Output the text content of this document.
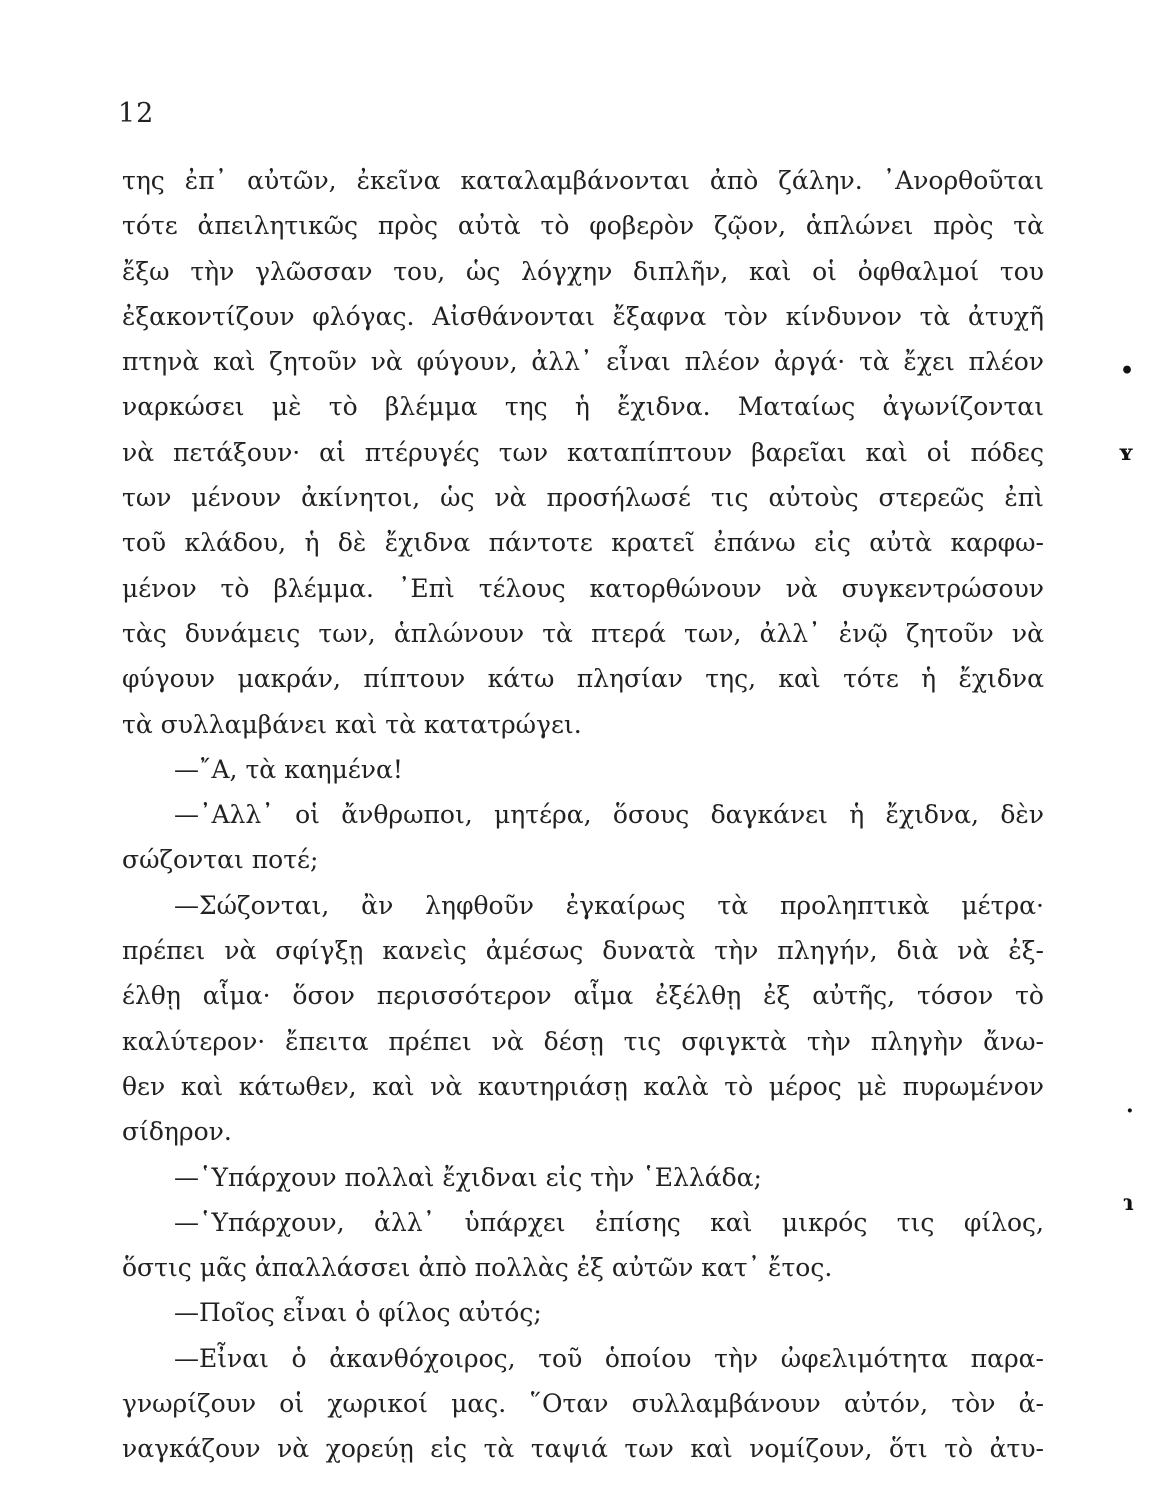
12
της ἐπ᾽ αὐτῶν, ἐκεῖνα καταλαμβάνονται ἀπὸ ζάλην. ᾽Ανορθοῦται
τότε ἀπειλητικῶς πρὸς αὐτὰ τὸ φοβερὸν ζῷον, ἁπλώνει πρὸς τὰ
ἔξω τὴν γλῶσσαν του, ὡς λόγχην διπλῆν, καὶ οἱ ὀφθαλμοί του
ἐξακοντίζουν φλόγας. Αἰσθάνονται ἔξαφνα τὸν κίνδυνον τὰ ἀτυχῆ
πτηνὰ καὶ ζητοῦν νὰ φύγουν, ἀλλ᾽ εἶναι πλέον ἀργά· τὰ ἔχει πλέον
ναρκώσει μὲ τὸ βλέμμα της ἡ ἔχιδνα. Ματαίως ἀγωνίζονται
νὰ πετάξουν· αἱ πτέρυγές των καταπίπτουν βαρεῖαι καὶ οἱ πόδες
των μένουν ἀκίνητοι, ὡς νὰ προσήλωσέ τις αὐτοὺς στερεῶς ἐπὶ
τοῦ κλάδου, ἡ δὲ ἔχιδνα πάντοτε κρατεῖ ἐπάνω εἰς αὐτὰ καρφω-
μένον τὸ βλέμμα. ᾽Επὶ τέλους κατορθώνουν νὰ συγκεντρώσουν
τὰς δυνάμεις των, ἁπλώνουν τὰ πτερά των, ἀλλ᾽ ἐνῷ ζητοῦν νὰ
φύγουν μακράν, πίπτουν κάτω πλησίαν της, καὶ τότε ἡ ἔχιδνα
τὰ συλλαμβάνει καὶ τὰ κατατρώγει.
—῎Α, τὰ καημένα!
—᾽Αλλ᾽ οἱ ἄνθρωποι, μητέρα, ὅσους δαγκάνει ἡ ἔχιδνα, δὲν
σώζονται ποτέ;
—Σώζονται, ἂν ληφθοῦν ἐγκαίρως τὰ προληπτικὰ μέτρα·
πρέπει νὰ σφίγξῃ κανεὶς ἀμέσως δυνατὰ τὴν πληγήν, διὰ νὰ ἐξ-
έλθῃ αἷμα· ὅσον περισσότερον αἷμα ἐξέλθῃ ἐξ αὐτῆς, τόσον τὸ
καλύτερον· ἔπειτα πρέπει νὰ δέσῃ τις σφιγκτὰ τὴν πληγὴν ἄνω-
θεν καὶ κάτωθεν, καὶ νὰ καυτηριάσῃ καλὰ τὸ μέρος μὲ πυρωμένον
σίδηρον.
—῾Υπάρχουν πολλαὶ ἔχιδναι εἰς τὴν ῾Ελλάδα;
—῾Υπάρχουν, ἀλλ᾽ ὑπάρχει ἐπίσης καὶ μικρός τις φίλος,
ὅστις μᾶς ἀπαλλάσσει ἀπὸ πολλὰς ἐξ αὐτῶν κατ᾽ ἔτος.
—Ποῖος εἶναι ὁ φίλος αὐτός;
—Εἶναι ὁ ἀκανθόχοιρος, τοῦ ὁποίου τὴν ὠφελιμότητα παρα-
γνωρίζουν οἱ χωρικοί μας. ῞Οταν συλλαμβάνουν αὐτόν, τὸν ἀ-
ναγκάζουν νὰ χορεύῃ εἰς τὰ ταψιά των καὶ νομίζουν, ὅτι τὸ ἀτυ-
•
ʏ
·
ɿ
